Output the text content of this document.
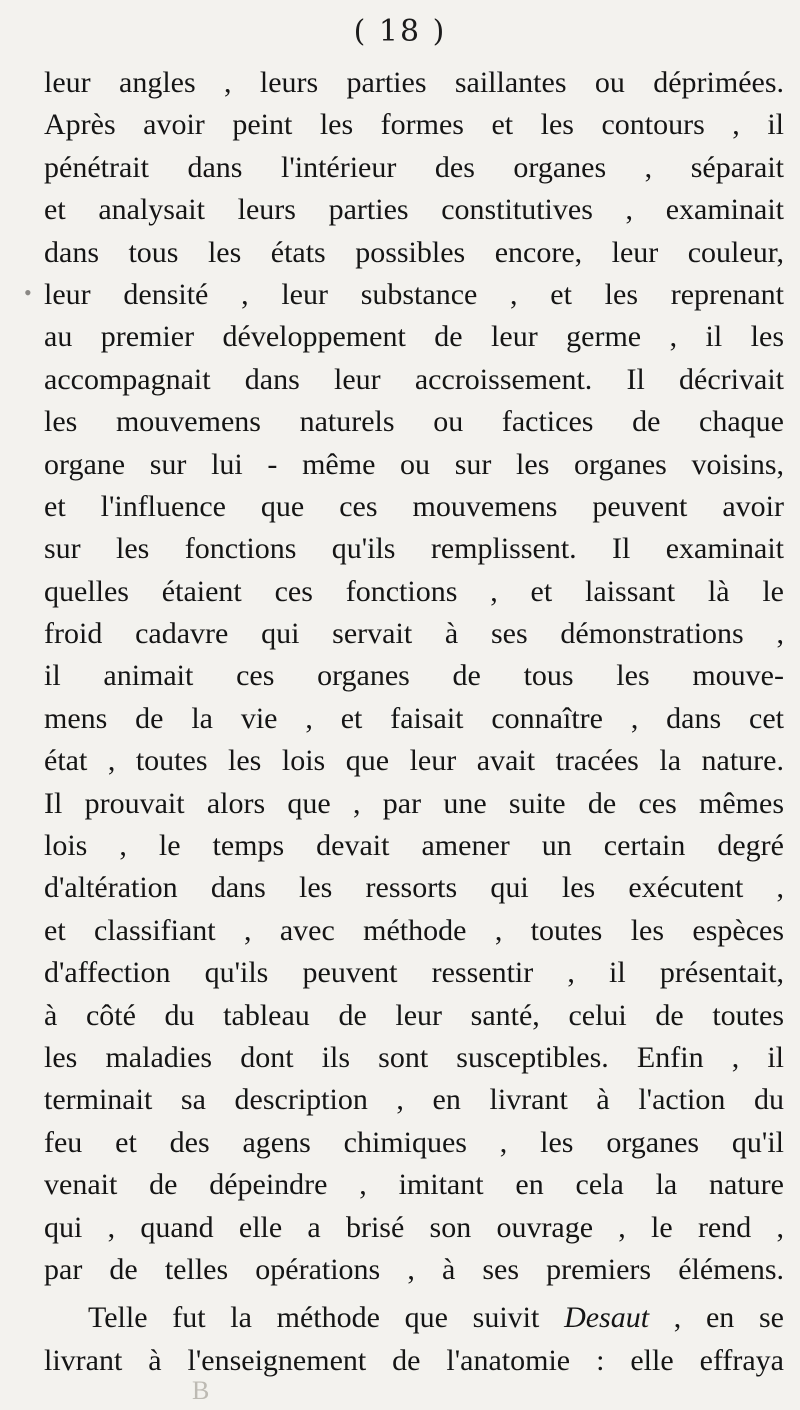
( 18 )
•
leur angles , leurs parties saillantes ou déprimées.
Après avoir peint les formes et les contours , il
pénétrait dans l'intérieur des organes , séparait
et analysait leurs parties constitutives , examinait
dans tous les états possibles encore, leur couleur,
leur densité , leur substance , et les reprenant
au premier développement de leur germe , il les
accompagnait dans leur accroissement. Il décrivait
les mouvemens naturels ou factices de chaque
organe sur lui - même ou sur les organes voisins,
et l'influence que ces mouvemens peuvent avoir
sur les fonctions qu'ils remplissent. Il examinait
quelles étaient ces fonctions , et laissant là le
froid cadavre qui servait à ses démonstrations ,
il animait ces organes de tous les mouve-
mens de la vie , et faisait connaître , dans cet
état , toutes les lois que leur avait tracées la nature.
Il prouvait alors que , par une suite de ces mêmes
lois , le temps devait amener un certain degré
d'altération dans les ressorts qui les exécutent ,
et classifiant , avec méthode , toutes les espèces
d'affection qu'ils peuvent ressentir , il présentait,
à côté du tableau de leur santé, celui de toutes
les maladies dont ils sont susceptibles. Enfin , il
terminait sa description , en livrant à l'action du
feu et des agens chimiques , les organes qu'il
venait de dépeindre , imitant en cela la nature
qui , quand elle a brisé son ouvrage , le rend ,
par de telles opérations , à ses premiers élémens.
Telle fut la méthode que suivit Desaut , en se
livrant à l'enseignement de l'anatomie : elle effraya
B
